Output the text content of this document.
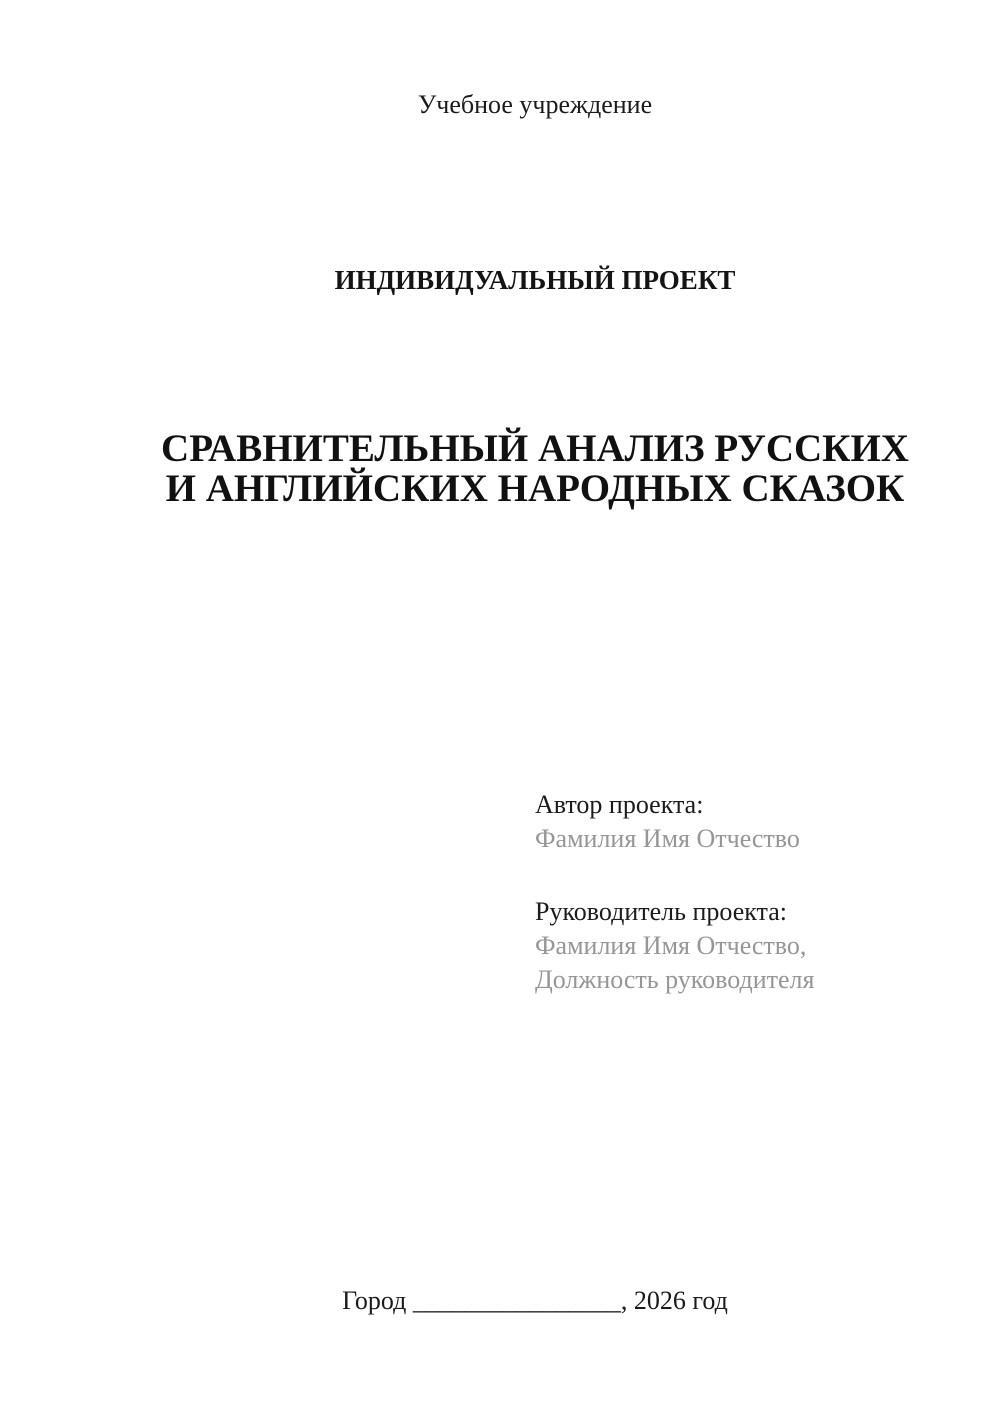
Учебное учреждение
ИНДИВИДУАЛЬНЫЙ ПРОЕКТ
СРАВНИТЕЛЬНЫЙ АНАЛИЗ РУССКИХ
И АНГЛИЙСКИХ НАРОДНЫХ СКАЗОК
Автор проекта:
Фамилия Имя Отчество
Руководитель проекта:
Фамилия Имя Отчество,
Должность руководителя
Город ________________, 2026 год
